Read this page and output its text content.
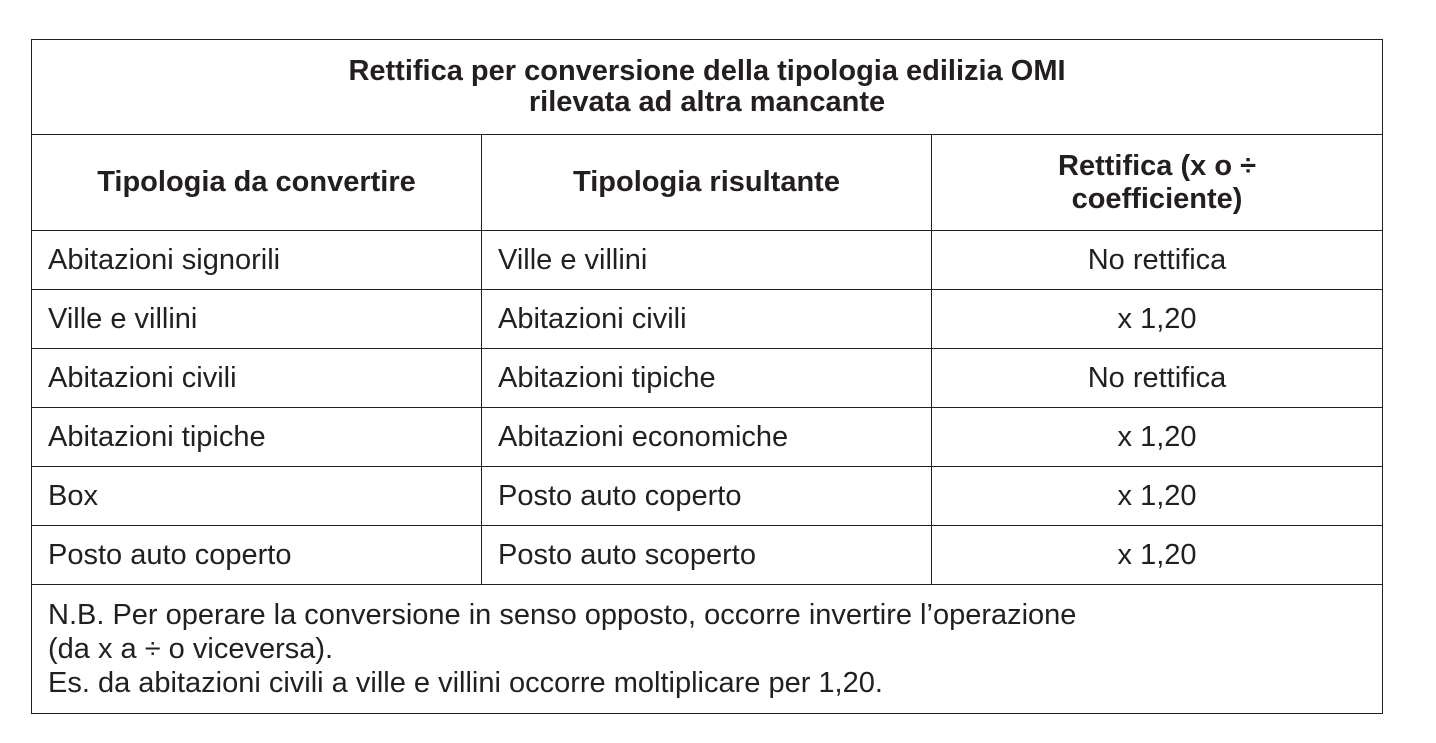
Rettifica per conversione della tipologia edilizia OMI
rilevata ad altra mancante		

Tipologia da convertire	Tipologia risultante	Rettifica (x o ÷
coefficiente)

Abitazioni signorili	Ville e villini	No rettifica
Ville e villini	Abitazioni civili	x 1,20
Abitazioni civili	Abitazioni tipiche	No rettifica
Abitazioni tipiche	Abitazioni economiche	x 1,20
Box	Posto auto coperto	x 1,20
Posto auto coperto	Posto auto scoperto	x 1,20

N.B. Per operare la conversione in senso opposto, occorre invertire l’operazione
(da x a ÷ o viceversa).
Es. da abitazioni civili a ville e villini occorre moltiplicare per 1,20.		
